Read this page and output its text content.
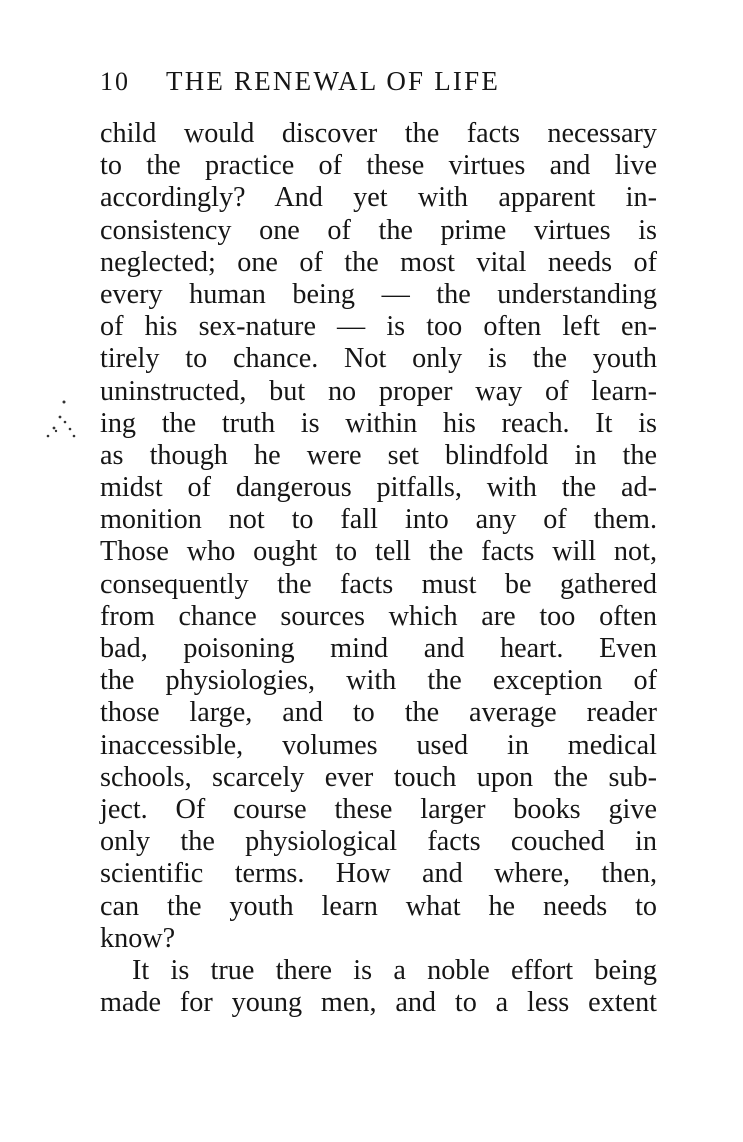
10 THE RENEWAL OF LIFE
child would discover the facts necessary
to the practice of these virtues and live
accordingly? And yet with apparent in-
consistency one of the prime virtues is
neglected; one of the most vital needs of
every human being — the understanding
of his sex-nature — is too often left en-
tirely to chance. Not only is the youth
uninstructed, but no proper way of learn-
ing the truth is within his reach. It is
as though he were set blindfold in the
midst of dangerous pitfalls, with the ad-
monition not to fall into any of them.
Those who ought to tell the facts will not,
consequently the facts must be gathered
from chance sources which are too often
bad, poisoning mind and heart. Even
the physiologies, with the exception of
those large, and to the average reader
inaccessible, volumes used in medical
schools, scarcely ever touch upon the sub-
ject. Of course these larger books give
only the physiological facts couched in
scientific terms. How and where, then,
can the youth learn what he needs to
know?
It is true there is a noble effort being
made for young men, and to a less extent
